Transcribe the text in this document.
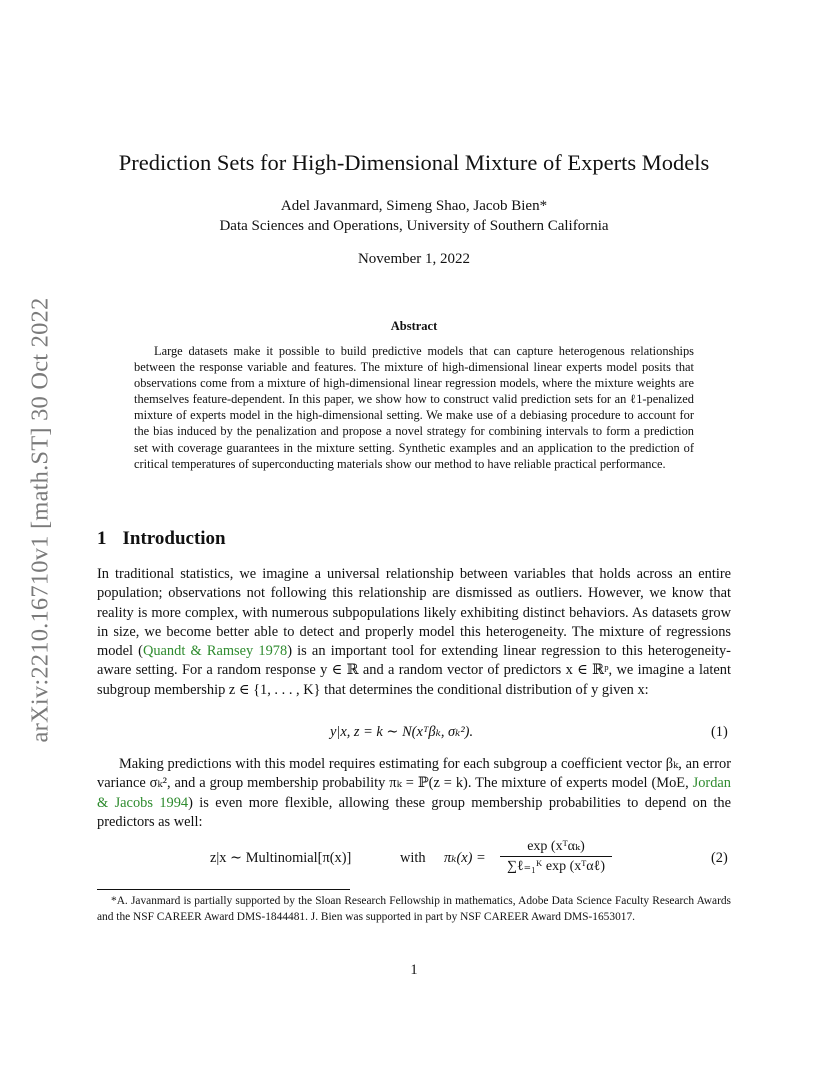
arXiv:2210.16710v1 [math.ST] 30 Oct 2022
Prediction Sets for High-Dimensional Mixture of Experts Models
Adel Javanmard, Simeng Shao, Jacob Bien*
Data Sciences and Operations, University of Southern California
November 1, 2022
Abstract

Large datasets make it possible to build predictive models that can capture heterogenous relationships between the response variable and features. The mixture of high-dimensional linear experts model posits that observations come from a mixture of high-dimensional linear regression models, where the mixture weights are themselves feature-dependent. In this paper, we show how to construct valid prediction sets for an ℓ1-penalized mixture of experts model in the high-dimensional setting. We make use of a debiasing procedure to account for the bias induced by the penalization and propose a novel strategy for combining intervals to form a prediction set with coverage guarantees in the mixture setting. Synthetic examples and an application to the prediction of critical temperatures of superconducting materials show our method to have reliable practical performance.

1 Introduction

In traditional statistics, we imagine a universal relationship between variables that holds across an entire population; observations not following this relationship are dismissed as outliers. However, we know that reality is more complex, with numerous subpopulations likely exhibiting distinct behaviors. As datasets grow in size, we become better able to detect and properly model this heterogeneity. The mixture of regressions model (Quandt & Ramsey 1978) is an important tool for extending linear regression to this heterogeneity-aware setting. For a random response y ∈ ℝ and a random vector of predictors x ∈ ℝᵖ, we imagine a latent subgroup membership z ∈ {1, . . . , K} that determines the conditional distribution of y given x:

y|x, z = k ∼ N(xᵀβₖ, σₖ²).	(1)

Making predictions with this model requires estimating for each subgroup a coefficient vector βₖ, an error variance σₖ², and a group membership probability πₖ = ℙ(z = k). The mixture of experts model (MoE, Jordan & Jacobs 1994) is even more flexible, allowing these group membership probabilities to depend on the predictors as well:

z|x ∼ Multinomial[π(x)]	with πₖ(x) =
exp (xᵀαₖ)
∑ℓ₌₁ᴷ exp (xᵀαℓ)
(2)

*A. Javanmard is partially supported by the Sloan Research Fellowship in mathematics, Adobe Data Science Faculty Research Awards and the NSF CAREER Award DMS-1844481. J. Bien was supported in part by NSF CAREER Award DMS-1653017.

1
